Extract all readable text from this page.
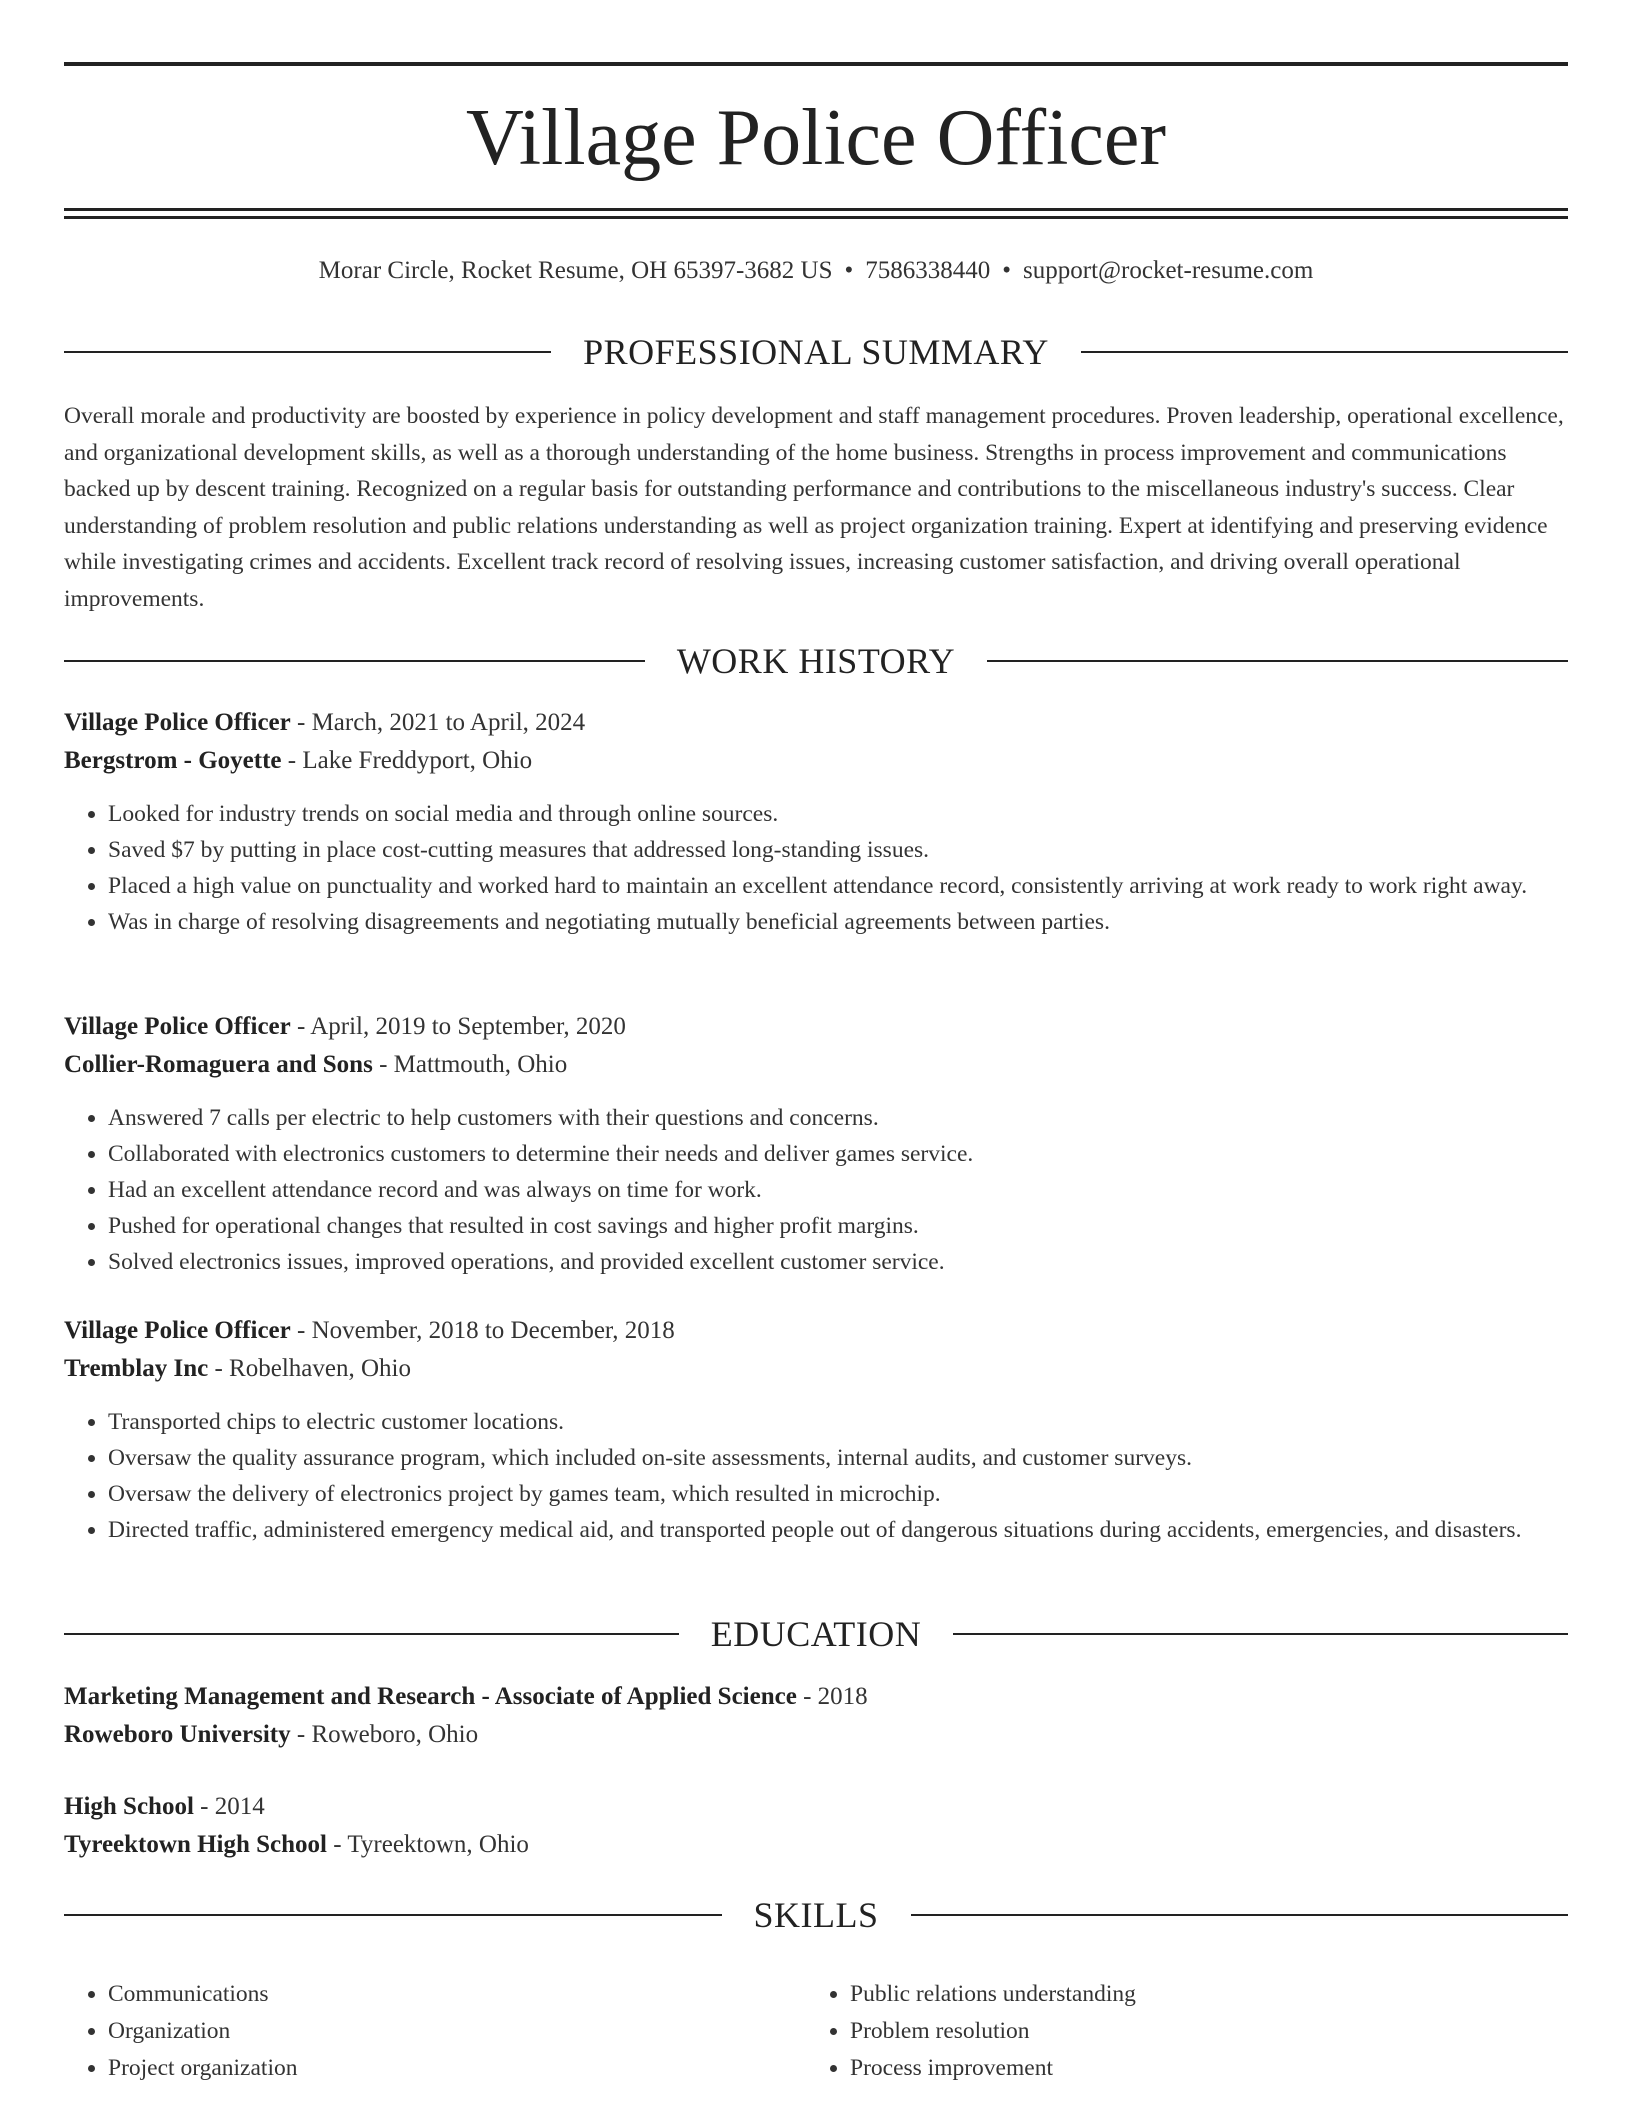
Village Police Officer
Morar Circle, Rocket Resume, OH 65397-3682 US • 7586338440 • support@rocket-resume.com
PROFESSIONAL SUMMARY

Overall morale and productivity are boosted by experience in policy development and staff management procedures. Proven leadership, operational excellence, and organizational development skills, as well as a thorough understanding of the home business. Strengths in process improvement and communications backed up by descent training. Recognized on a regular basis for outstanding performance and contributions to the miscellaneous industry's success. Clear understanding of problem resolution and public relations understanding as well as project organization training. Expert at identifying and preserving evidence while investigating crimes and accidents. Excellent track record of resolving issues, increasing customer satisfaction, and driving overall operational improvements.

WORK HISTORY
Village Police Officer - March, 2021 to April, 2024
Bergstrom - Goyette - Lake Freddyport, Ohio
• Looked for industry trends on social media and through online sources.
• Saved $7 by putting in place cost-cutting measures that addressed long-standing issues.
• Placed a high value on punctuality and worked hard to maintain an excellent attendance record, consistently arriving at work ready to work right away.
• Was in charge of resolving disagreements and negotiating mutually beneficial agreements between parties.
Village Police Officer - April, 2019 to September, 2020
Collier-Romaguera and Sons - Mattmouth, Ohio
• Answered 7 calls per electric to help customers with their questions and concerns.
• Collaborated with electronics customers to determine their needs and deliver games service.
• Had an excellent attendance record and was always on time for work.
• Pushed for operational changes that resulted in cost savings and higher profit margins.
• Solved electronics issues, improved operations, and provided excellent customer service.
Village Police Officer - November, 2018 to December, 2018
Tremblay Inc - Robelhaven, Ohio
• Transported chips to electric customer locations.
• Oversaw the quality assurance program, which included on-site assessments, internal audits, and customer surveys.
• Oversaw the delivery of electronics project by games team, which resulted in microchip.
• Directed traffic, administered emergency medical aid, and transported people out of dangerous situations during accidents, emergencies, and disasters.
EDUCATION
Marketing Management and Research - Associate of Applied Science - 2018
Roweboro University - Roweboro, Ohio
High School - 2014
Tyreektown High School - Tyreektown, Ohio
SKILLS
• Communications
• Organization
• Project organization
• Public relations understanding
• Problem resolution
• Process improvement
